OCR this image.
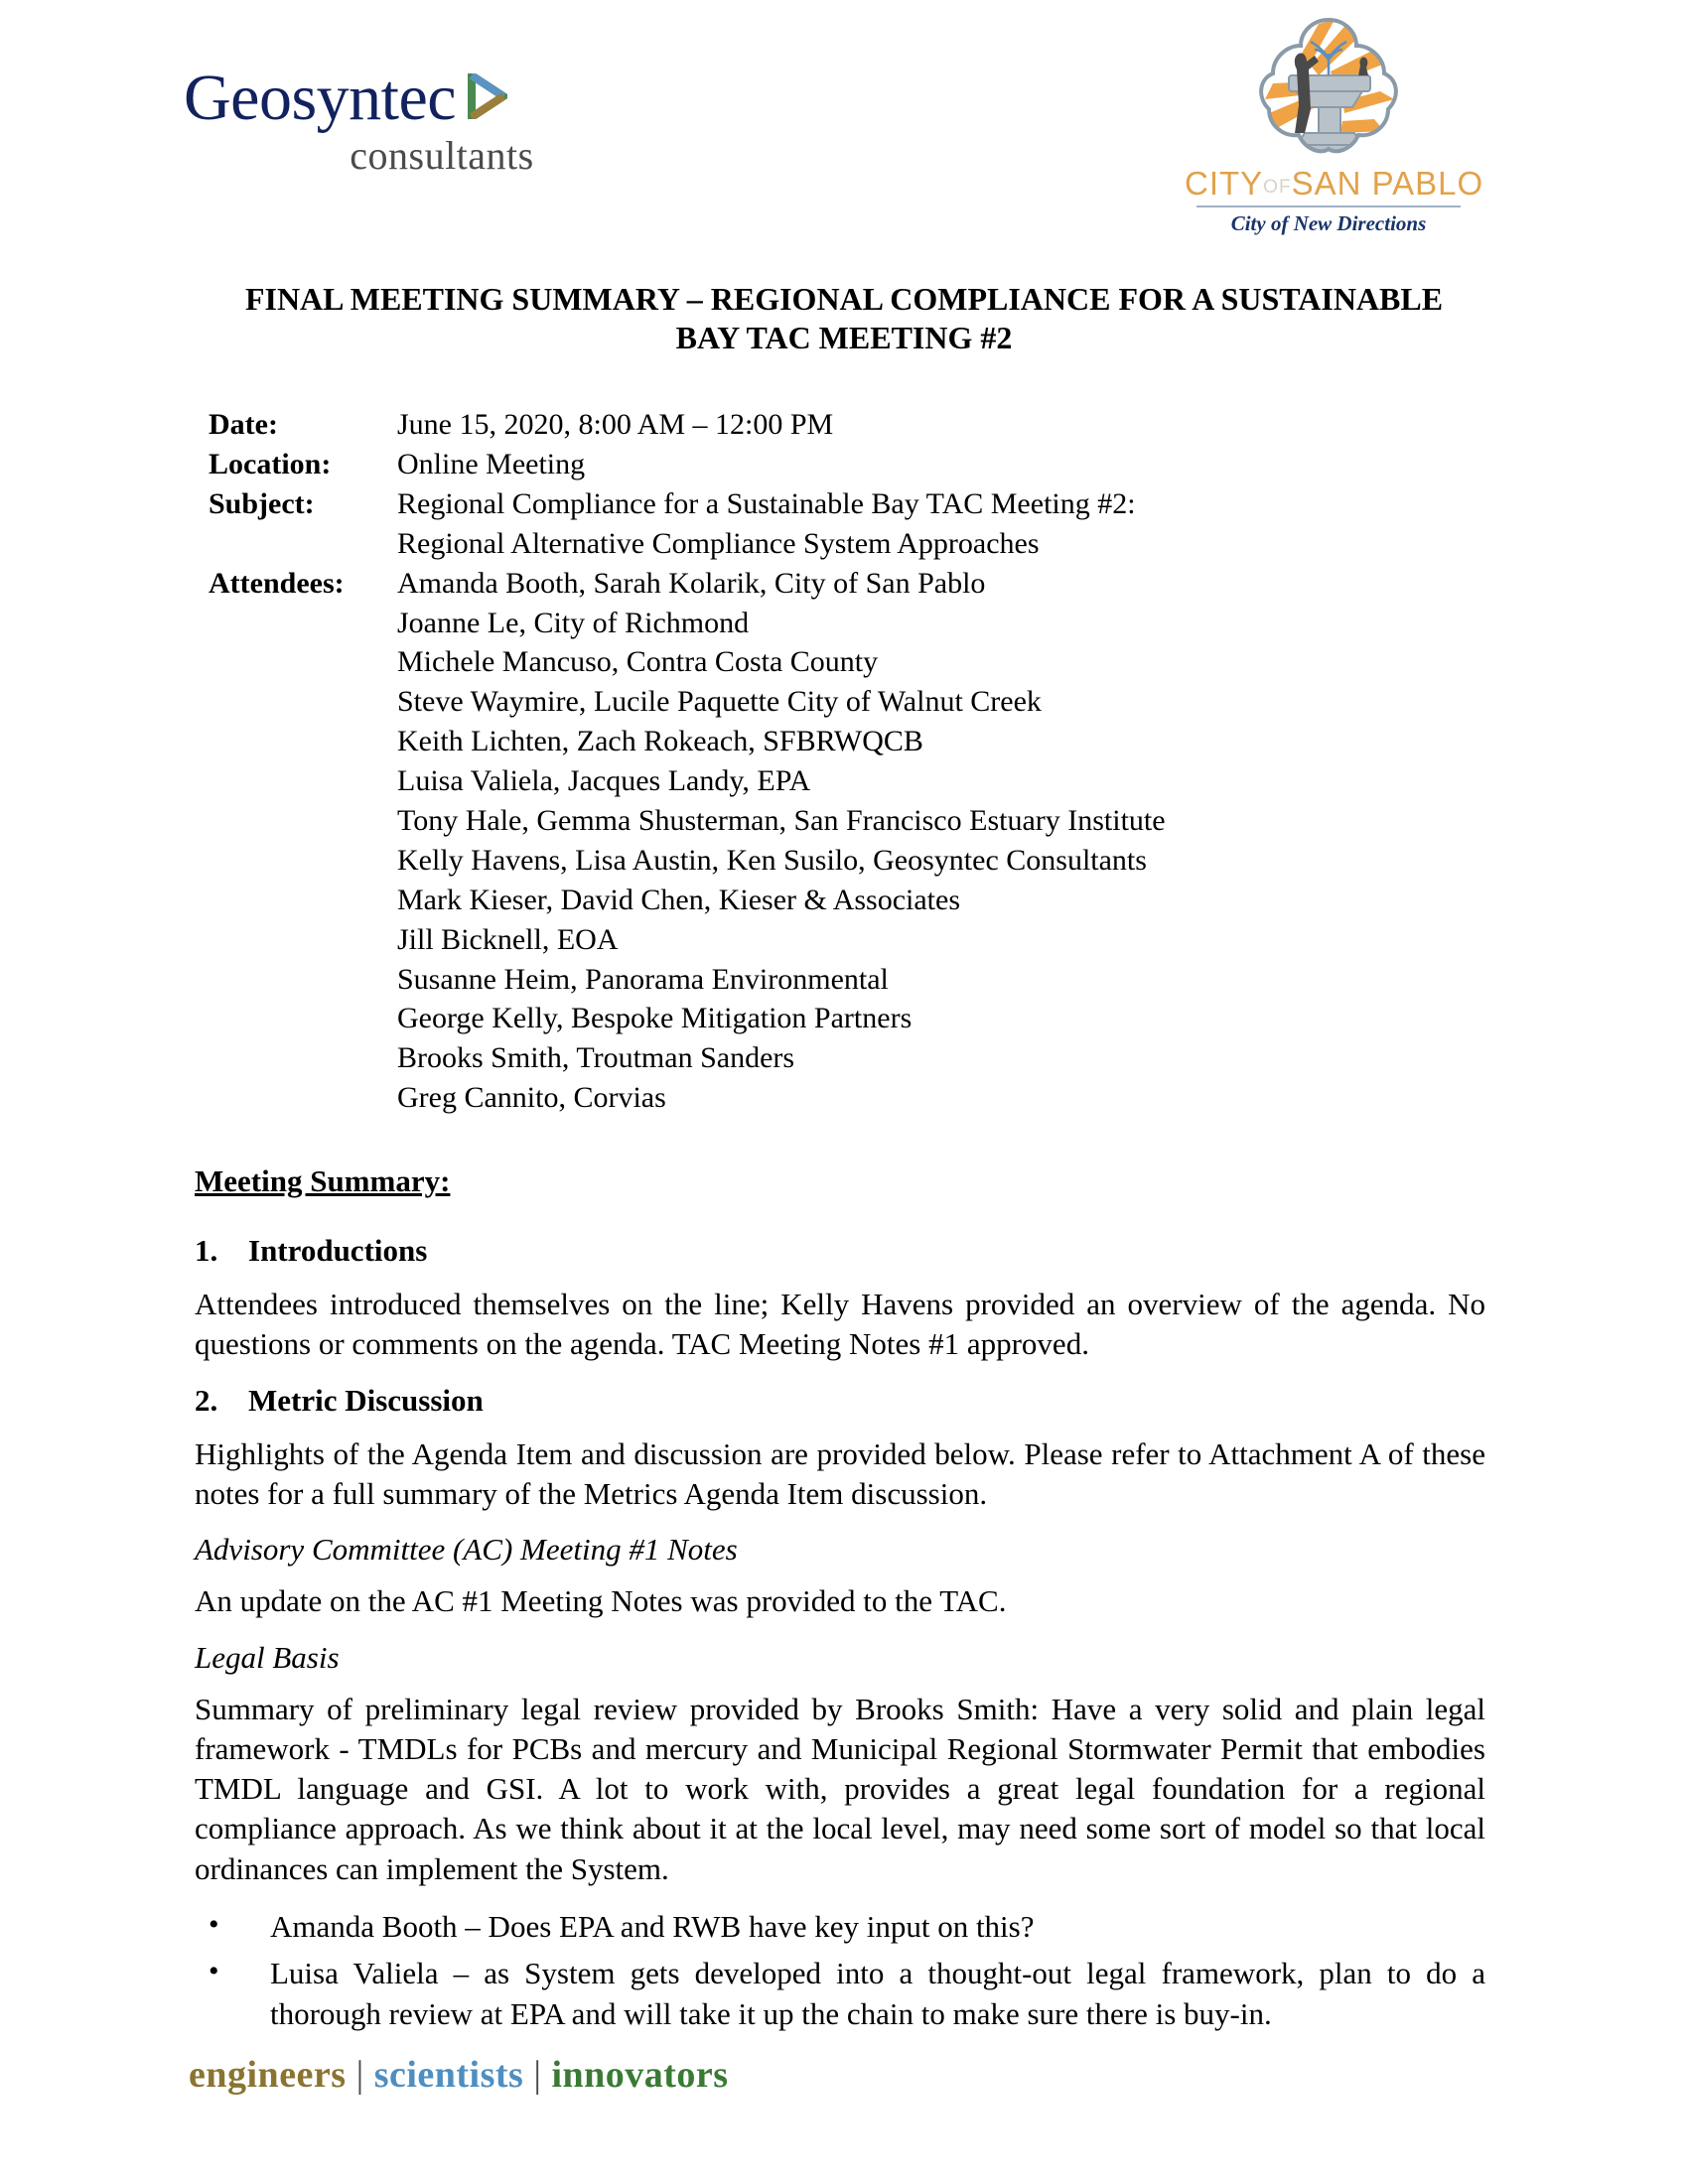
Geosyntec
consultants
CITYOFSAN PABLO
City of New Directions
FINAL MEETING SUMMARY – REGIONAL COMPLIANCE FOR A SUSTAINABLE
BAY TAC MEETING #2
Date:	June 15, 2020, 8:00 AM – 12:00 PM
Location:	Online Meeting
Subject:	Regional Compliance for a Sustainable Bay TAC Meeting #2:
Regional Alternative Compliance System Approaches
Attendees:	Amanda Booth, Sarah Kolarik, City of San Pablo
Joanne Le, City of Richmond
Michele Mancuso, Contra Costa County
Steve Waymire, Lucile Paquette City of Walnut Creek
Keith Lichten, Zach Rokeach, SFBRWQCB
Luisa Valiela, Jacques Landy, EPA
Tony Hale, Gemma Shusterman, San Francisco Estuary Institute
Kelly Havens, Lisa Austin, Ken Susilo, Geosyntec Consultants
Mark Kieser, David Chen, Kieser & Associates
Jill Bicknell, EOA
Susanne Heim, Panorama Environmental
George Kelly, Bespoke Mitigation Partners
Brooks Smith, Troutman Sanders
Greg Cannito, Corvias
Meeting Summary:
1. Introductions

Attendees introduced themselves on the line; Kelly Havens provided an overview of the agenda. No questions or comments on the agenda. TAC Meeting Notes #1 approved.

2. Metric Discussion

Highlights of the Agenda Item and discussion are provided below. Please refer to Attachment A of these notes for a full summary of the Metrics Agenda Item discussion.

Advisory Committee (AC) Meeting #1 Notes

An update on the AC #1 Meeting Notes was provided to the TAC.

Legal Basis

Summary of preliminary legal review provided by Brooks Smith: Have a very solid and plain legal framework - TMDLs for PCBs and mercury and Municipal Regional Stormwater Permit that embodies TMDL language and GSI. A lot to work with, provides a great legal foundation for a regional compliance approach. As we think about it at the local level, may need some sort of model so that local ordinances can implement the System.

• Amanda Booth – Does EPA and RWB have key input on this?
• Luisa Valiela – as System gets developed into a thought-out legal framework, plan to do a thorough review at EPA and will take it up the chain to make sure there is buy-in.
engineers | scientists | innovators
